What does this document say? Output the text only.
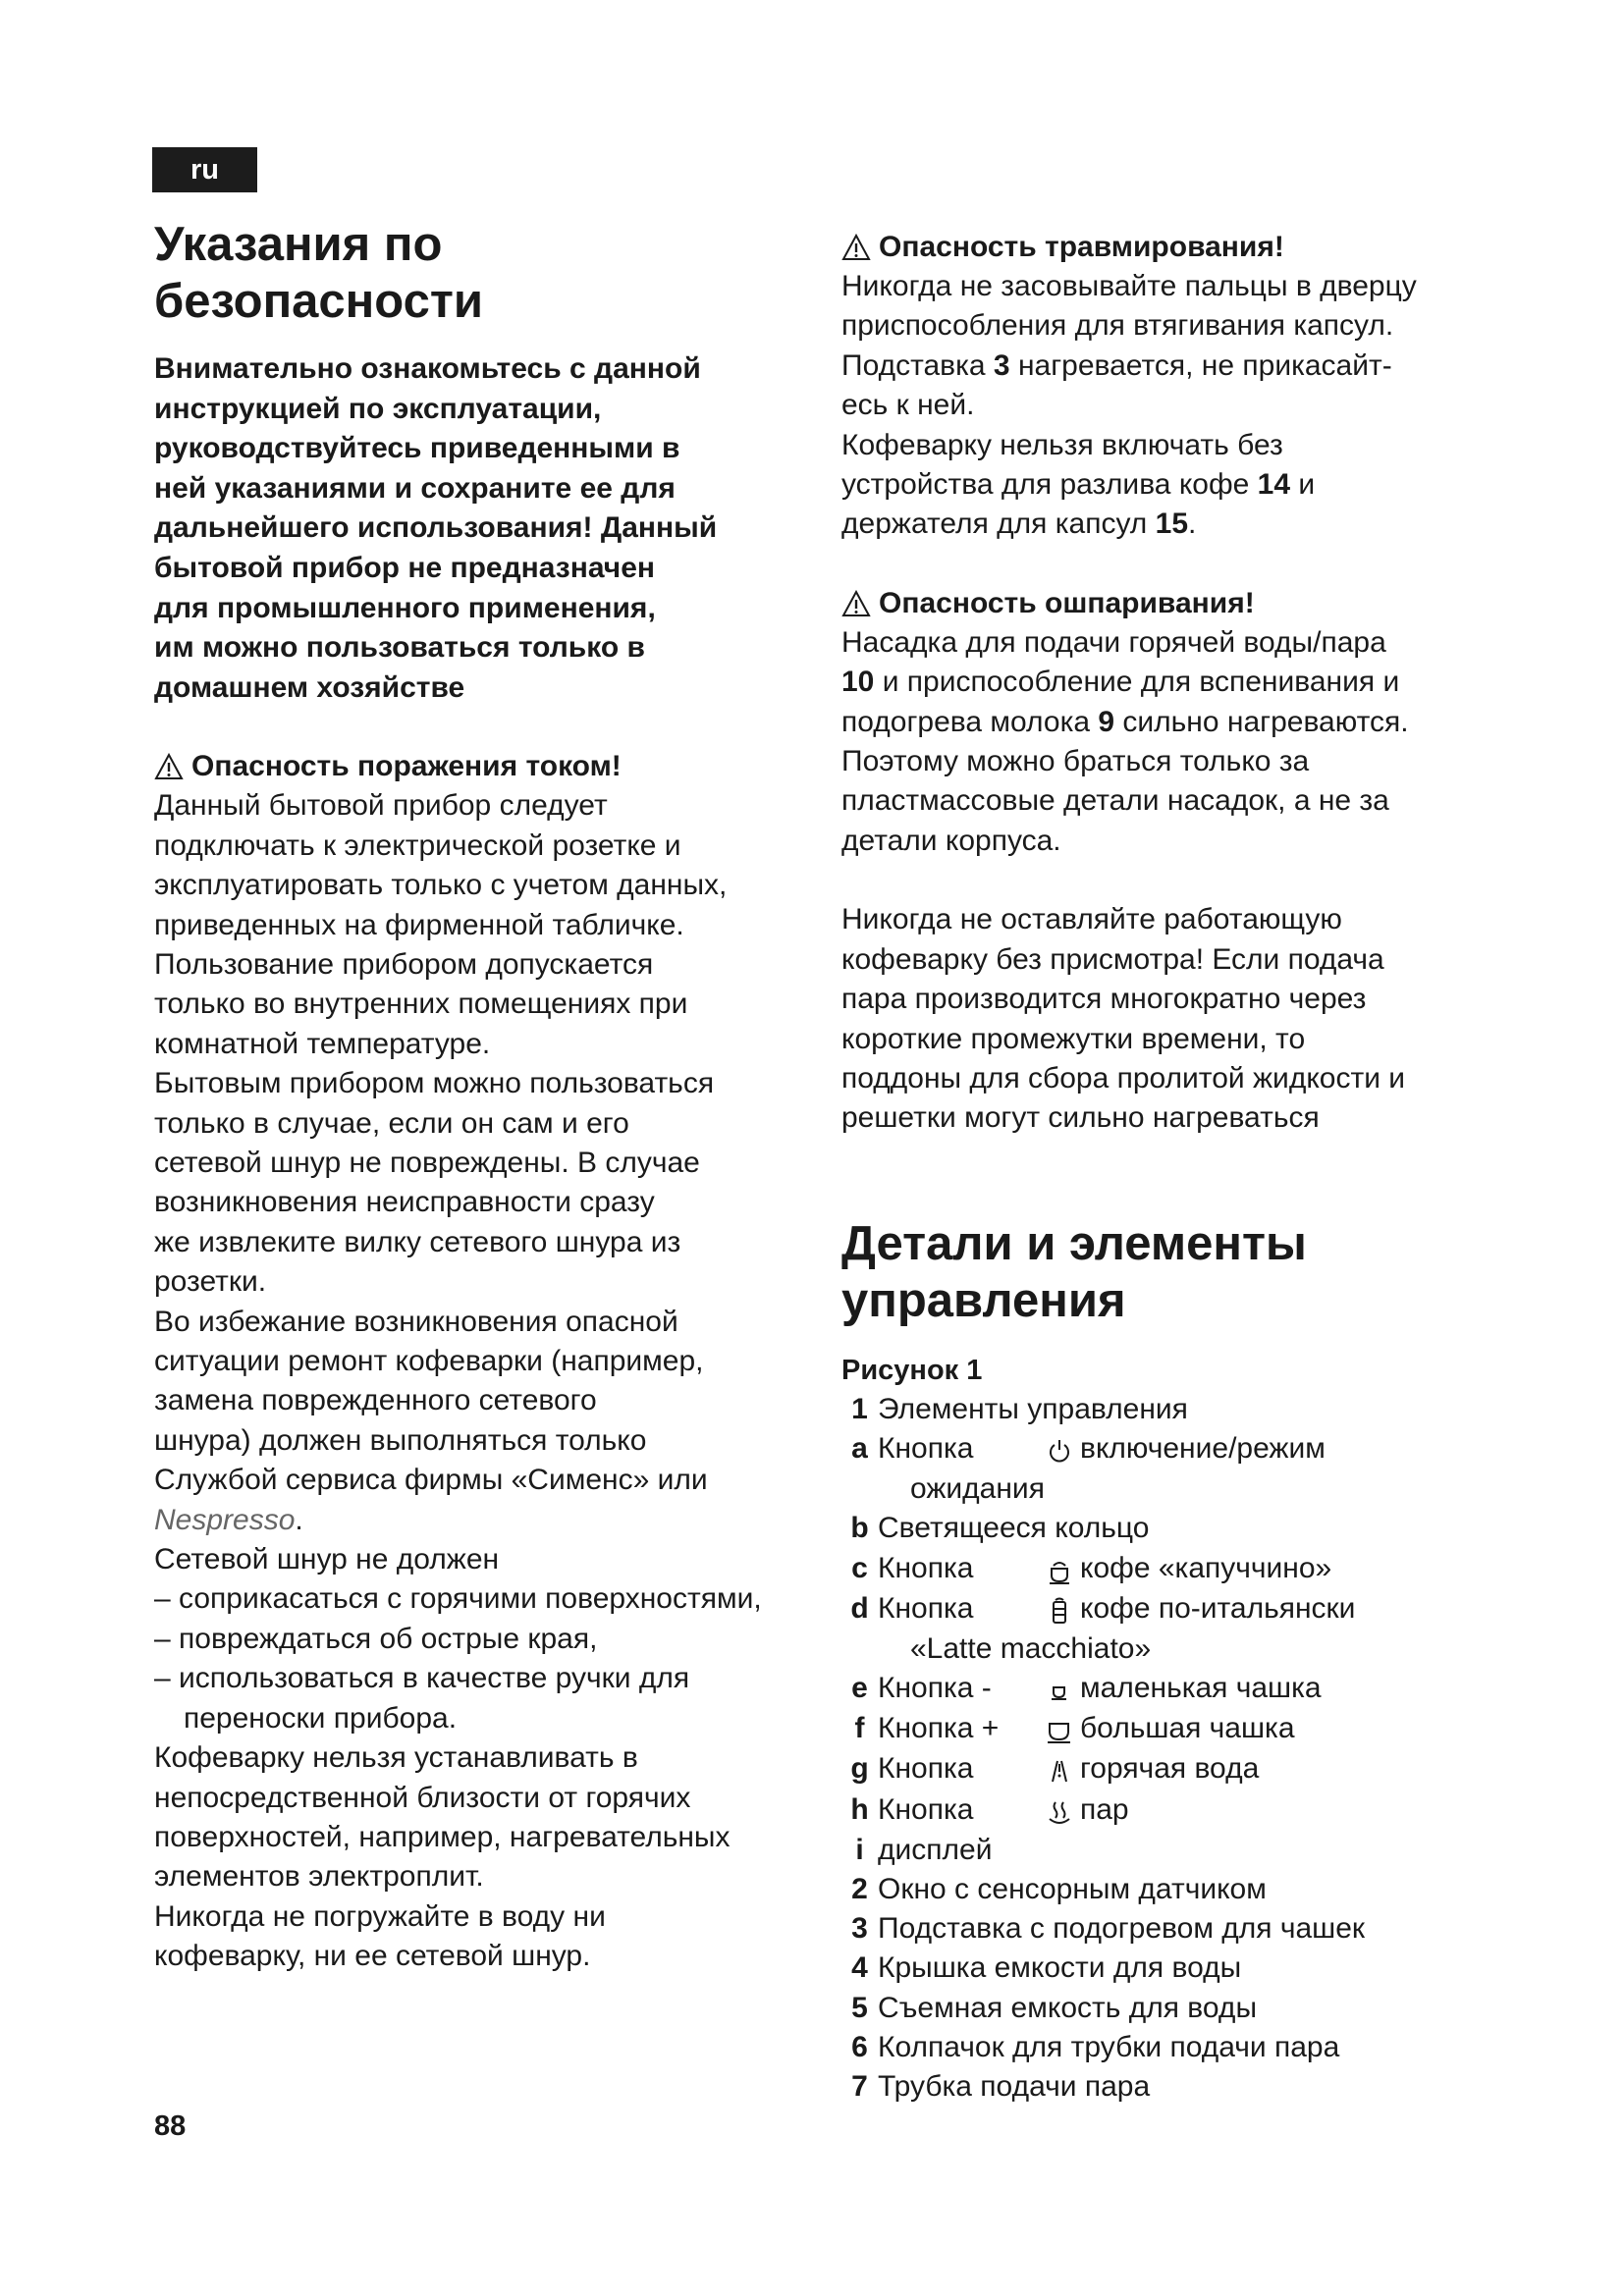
ru
Указания по
безопасности
Внимательно ознакомьтесь с данной
инструкцией по эксплуатации,
руководствуйтесь приведенными в
ней указаниями и сохраните ее для
дальнейшего использования! Данный
бытовой прибор не предназначен
для промышленного применения,
им можно пользоваться только в
домашнем хозяйстве
Опасность поражения током!
Данный бытовой прибор следует
подключать к электрической розетке и
эксплуатировать только с учетом данных,
приведенных на фирменной табличке.
Пользование прибором допускается
только во внутренних помещениях при
комнатной температуре.
Бытовым прибором можно пользоваться
только в случае, если он сам и его
сетевой шнур не повреждены. В случае
возникновения неисправности сразу
же извлеките вилку сетевого шнура из
розетки.
Во избежание возникновения опасной
ситуации ремонт кофеварки (например,
замена поврежденного сетевого
шнура) должен выполняться только
Службой сервиса фирмы «Сименс» или
Nespresso.
Сетевой шнур не должен
– соприкасаться с горячими поверхностями,
– повреждаться об острые края,
– использоваться в качестве ручки для переноски прибора.
Кофеварку нельзя устанавливать в
непосредственной близости от горячих
поверхностей, например, нагревательных
элементов электроплит.
Никогда не погружайте в воду ни
кофеварку, ни ее сетевой шнур.
Опасность травмирования!
Никогда не засовывайте пальцы в дверцу
приспособления для втягивания капсул.
Подставка 3 нагревается, не прикасайт-
есь к ней.
Кофеварку нельзя включать без
устройства для разлива кофе 14 и
держателя для капсул 15.
Опасность ошпаривания!
Насадка для подачи горячей воды/пара
10 и приспособление для вспенивания и
подогрева молока 9 сильно нагреваются.
Поэтому можно браться только за
пластмассовые детали насадок, а не за
детали корпуса.
Никогда не оставляйте работающую
кофеварку без присмотра! Если подача
пара производится многократно через
короткие промежутки времени, то
поддоны для сбора пролитой жидкости и
решетки могут сильно нагреваться
Детали и элементы
управления
Рисунок 1
1 Элементы управления
a Кнопка	включение/режим
ожидания
b Светящееся кольцо
c Кнопка	кофе «капуччино»
d Кнопка	кофе по-итальянски
«Latte macchiato»
e Кнопка -	маленькая чашка
f Кнопка +	большая чашка
g Кнопка	горячая вода
h Кнопка	пар
i дисплей
2 Окно с сенсорным датчиком
3 Подставка с подогревом для чашек
4 Крышка емкости для воды
5 Съемная емкость для воды
6 Колпачок для трубки подачи пара
7 Трубка подачи пара
88
